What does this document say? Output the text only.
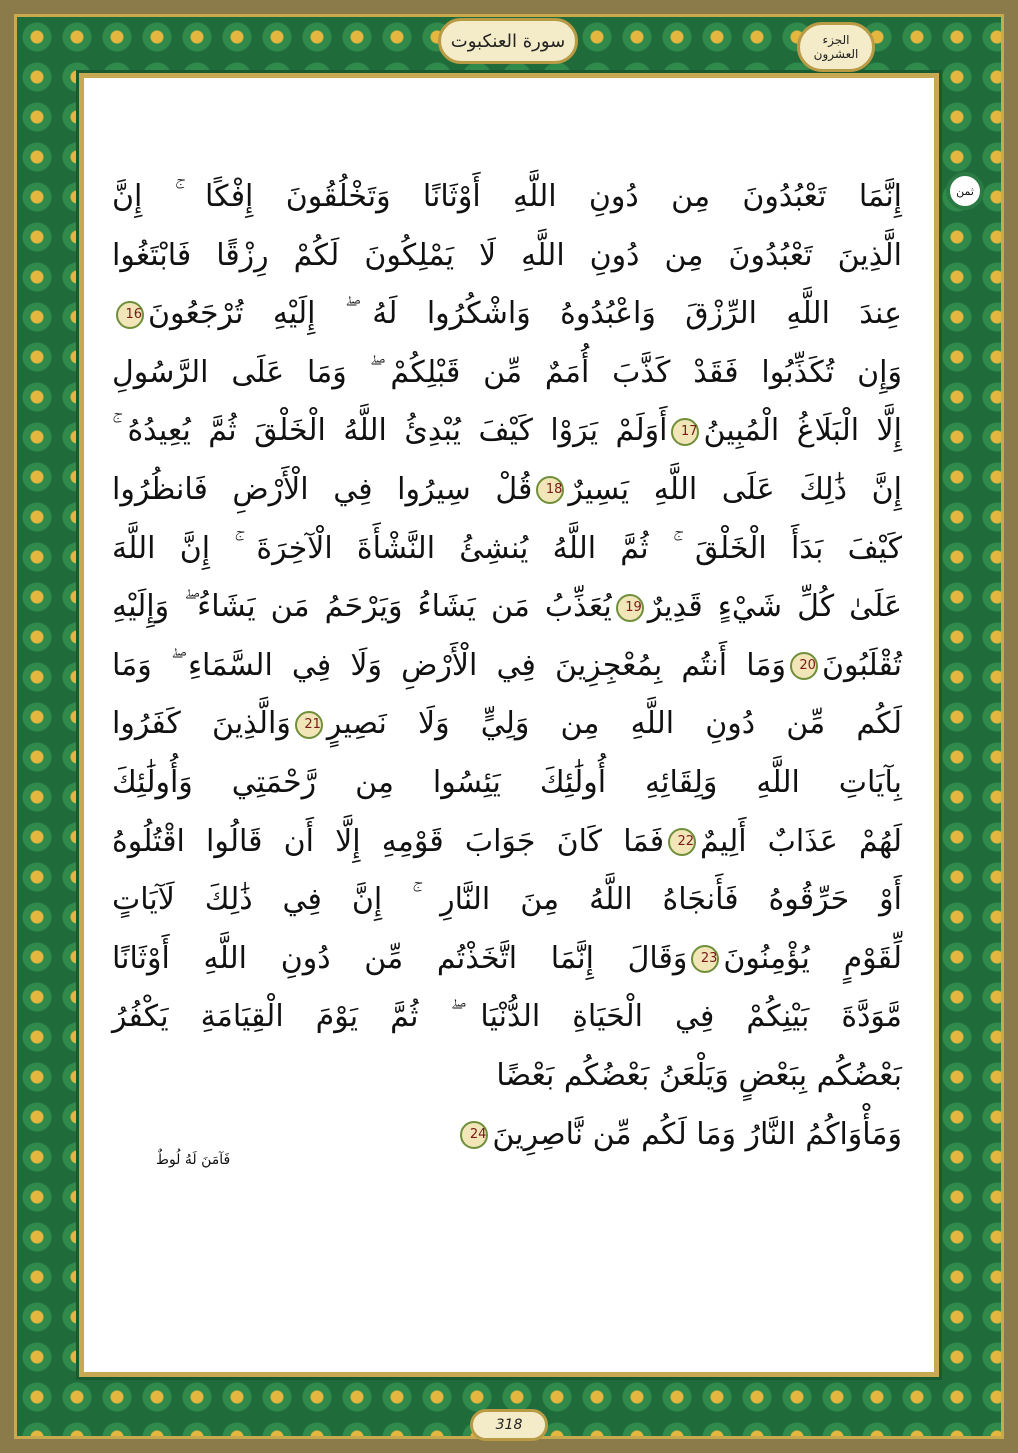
سورة العنكبوت	الجزء
العشرون
ثمن
إِنَّمَا تَعْبُدُونَ مِن دُونِ اللَّهِ أَوْثَانًا وَتَخْلُقُونَ إِفْكًا ۚ إِنَّ
الَّذِينَ تَعْبُدُونَ مِن دُونِ اللَّهِ لَا يَمْلِكُونَ لَكُمْ رِزْقًا فَابْتَغُوا
عِندَ اللَّهِ الرِّزْقَ وَاعْبُدُوهُ وَاشْكُرُوا لَهُ ۖ إِلَيْهِ تُرْجَعُونَ16
وَإِن تُكَذِّبُوا فَقَدْ كَذَّبَ أُمَمٌ مِّن قَبْلِكُمْ ۖ وَمَا عَلَى الرَّسُولِ
إِلَّا الْبَلَاغُ الْمُبِينُ17أَوَلَمْ يَرَوْا كَيْفَ يُبْدِئُ اللَّهُ الْخَلْقَ ثُمَّ يُعِيدُهُ ۚ
إِنَّ ذَٰلِكَ عَلَى اللَّهِ يَسِيرٌ18قُلْ سِيرُوا فِي الْأَرْضِ فَانظُرُوا
كَيْفَ بَدَأَ الْخَلْقَ ۚ ثُمَّ اللَّهُ يُنشِئُ النَّشْأَةَ الْآخِرَةَ ۚ إِنَّ اللَّهَ
عَلَىٰ كُلِّ شَيْءٍ قَدِيرٌ19يُعَذِّبُ مَن يَشَاءُ وَيَرْحَمُ مَن يَشَاءُ ۖ وَإِلَيْهِ
تُقْلَبُونَ20وَمَا أَنتُم بِمُعْجِزِينَ فِي الْأَرْضِ وَلَا فِي السَّمَاءِ ۖ وَمَا
لَكُم مِّن دُونِ اللَّهِ مِن وَلِيٍّ وَلَا نَصِيرٍ21وَالَّذِينَ كَفَرُوا
بِآيَاتِ اللَّهِ وَلِقَائِهِ أُولَٰئِكَ يَئِسُوا مِن رَّحْمَتِي وَأُولَٰئِكَ
لَهُمْ عَذَابٌ أَلِيمٌ22فَمَا كَانَ جَوَابَ قَوْمِهِ إِلَّا أَن قَالُوا اقْتُلُوهُ
أَوْ حَرِّقُوهُ فَأَنجَاهُ اللَّهُ مِنَ النَّارِ ۚ إِنَّ فِي ذَٰلِكَ لَآيَاتٍ
لِّقَوْمٍ يُؤْمِنُونَ23وَقَالَ إِنَّمَا اتَّخَذْتُم مِّن دُونِ اللَّهِ أَوْثَانًا
مَّوَدَّةَ بَيْنِكُمْ فِي الْحَيَاةِ الدُّنْيَا ۖ ثُمَّ يَوْمَ الْقِيَامَةِ يَكْفُرُ
بَعْضُكُم بِبَعْضٍ وَيَلْعَنُ بَعْضُكُم بَعْضًا
وَمَأْوَاكُمُ النَّارُ وَمَا لَكُم مِّن نَّاصِرِينَ24
فَآمَنَ لَهُ لُوطٌ
318
